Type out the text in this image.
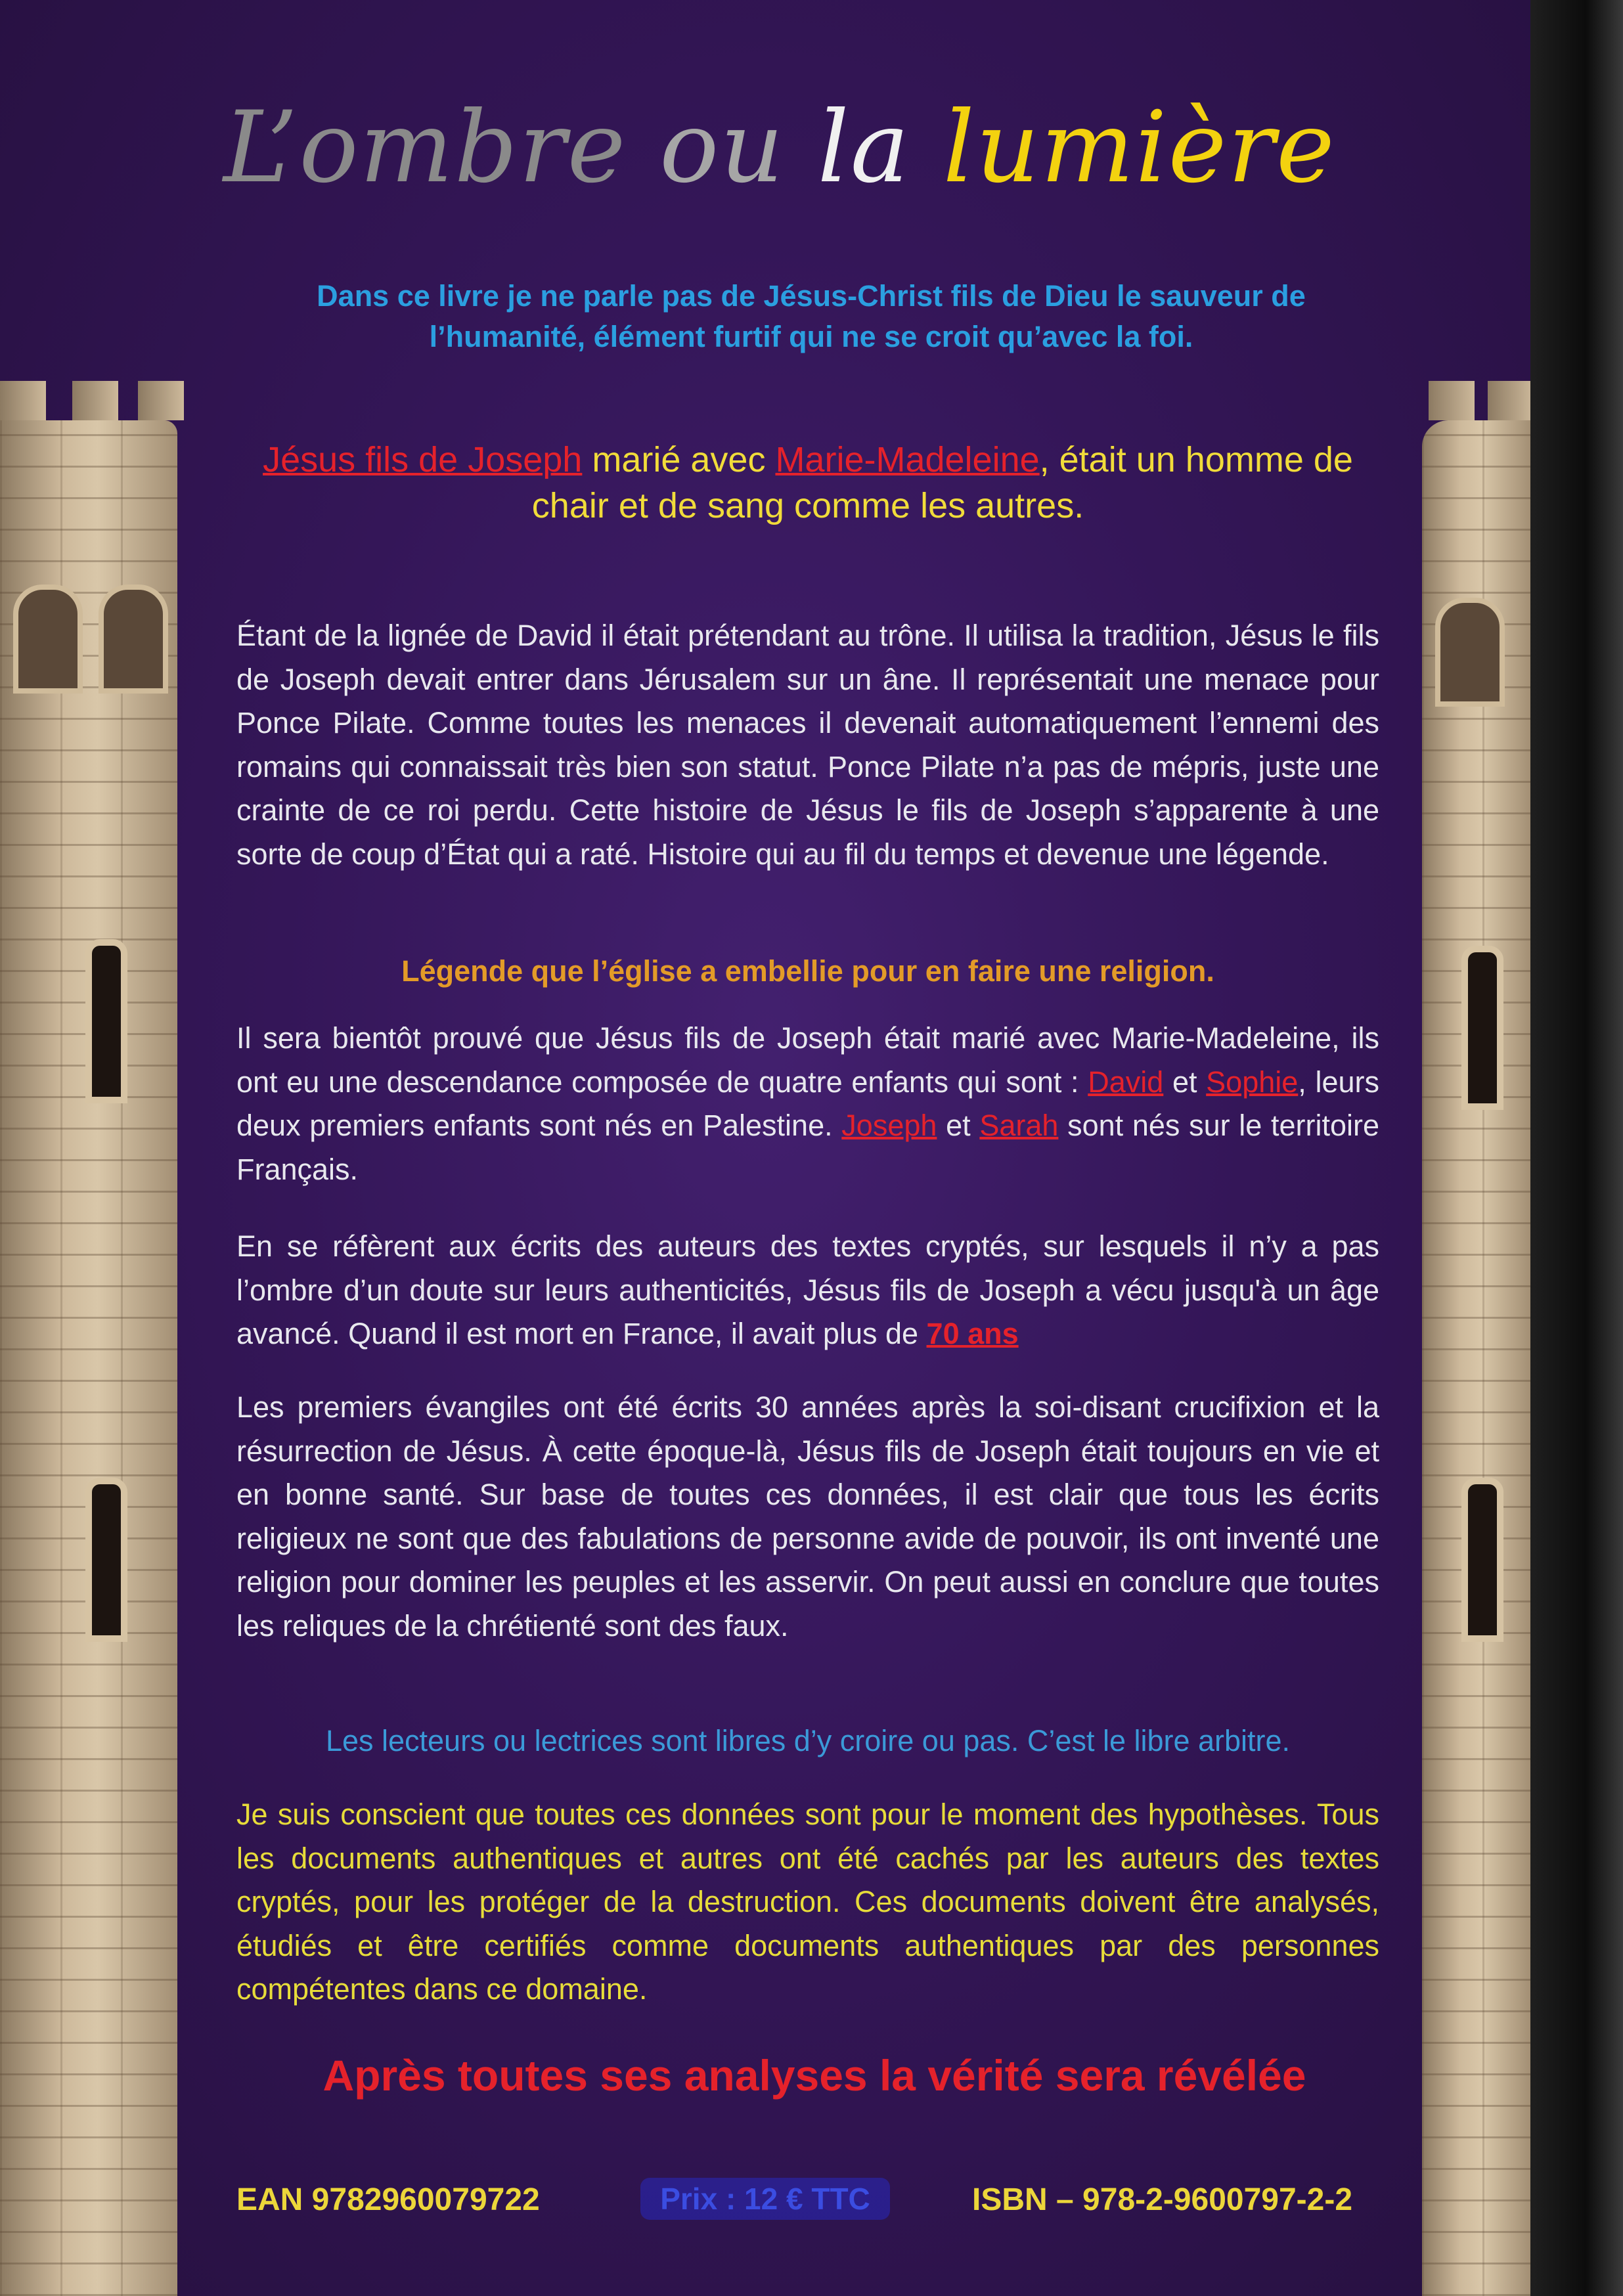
L’ombre ou la lumière

Dans ce livre je ne parle pas de Jésus-Christ fils de Dieu le sauveur de l’humanité, élément furtif qui ne se croit qu’avec la foi.

Jésus fils de Joseph marié avec Marie-Madeleine, était un homme de chair et de sang comme les autres.

Étant de la lignée de David il était prétendant au trône. Il utilisa la tradition, Jésus le fils de Joseph devait entrer dans Jérusalem sur un âne. Il représentait une menace pour Ponce Pilate. Comme toutes les menaces il devenait automatiquement l’ennemi des romains qui connaissait très bien son statut. Ponce Pilate n’a pas de mépris, juste une crainte de ce roi perdu. Cette histoire de Jésus le fils de Joseph s’apparente à une sorte de coup d’État qui a raté. Histoire qui au fil du temps et devenue une légende.

Légende que l’église a embellie pour en faire une religion.

Il sera bientôt prouvé que Jésus fils de Joseph était marié avec Marie-Madeleine, ils ont eu une descendance composée de quatre enfants qui sont : David et Sophie, leurs deux premiers enfants sont nés en Palestine. Joseph et Sarah sont nés sur le territoire Français.

En se réfèrent aux écrits des auteurs des textes cryptés, sur lesquels il n’y a pas l’ombre d’un doute sur leurs authenticités, Jésus fils de Joseph a vécu jusqu'à un âge avancé. Quand il est mort en France, il avait plus de 70 ans

Les premiers évangiles ont été écrits 30 années après la soi-disant crucifixion et la résurrection de Jésus. À cette époque-là, Jésus fils de Joseph était toujours en vie et en bonne santé. Sur base de toutes ces données, il est clair que tous les écrits religieux ne sont que des fabulations de personne avide de pouvoir, ils ont inventé une religion pour dominer les peuples et les asservir. On peut aussi en conclure que toutes les reliques de la chrétienté sont des faux.

Les lecteurs ou lectrices sont libres d’y croire ou pas. C’est le libre arbitre.

Je suis conscient que toutes ces données sont pour le moment des hypothèses. Tous les documents authentiques et autres ont été cachés par les auteurs des textes cryptés, pour les protéger de la destruction. Ces documents doivent être analysés, étudiés et être certifiés comme documents authentiques par des personnes compétentes dans ce domaine.

Après toutes ses analyses la vérité sera révélée

EAN 9782960079722	Prix : 12 € TTC	ISBN – 978-2-9600797-2-2
